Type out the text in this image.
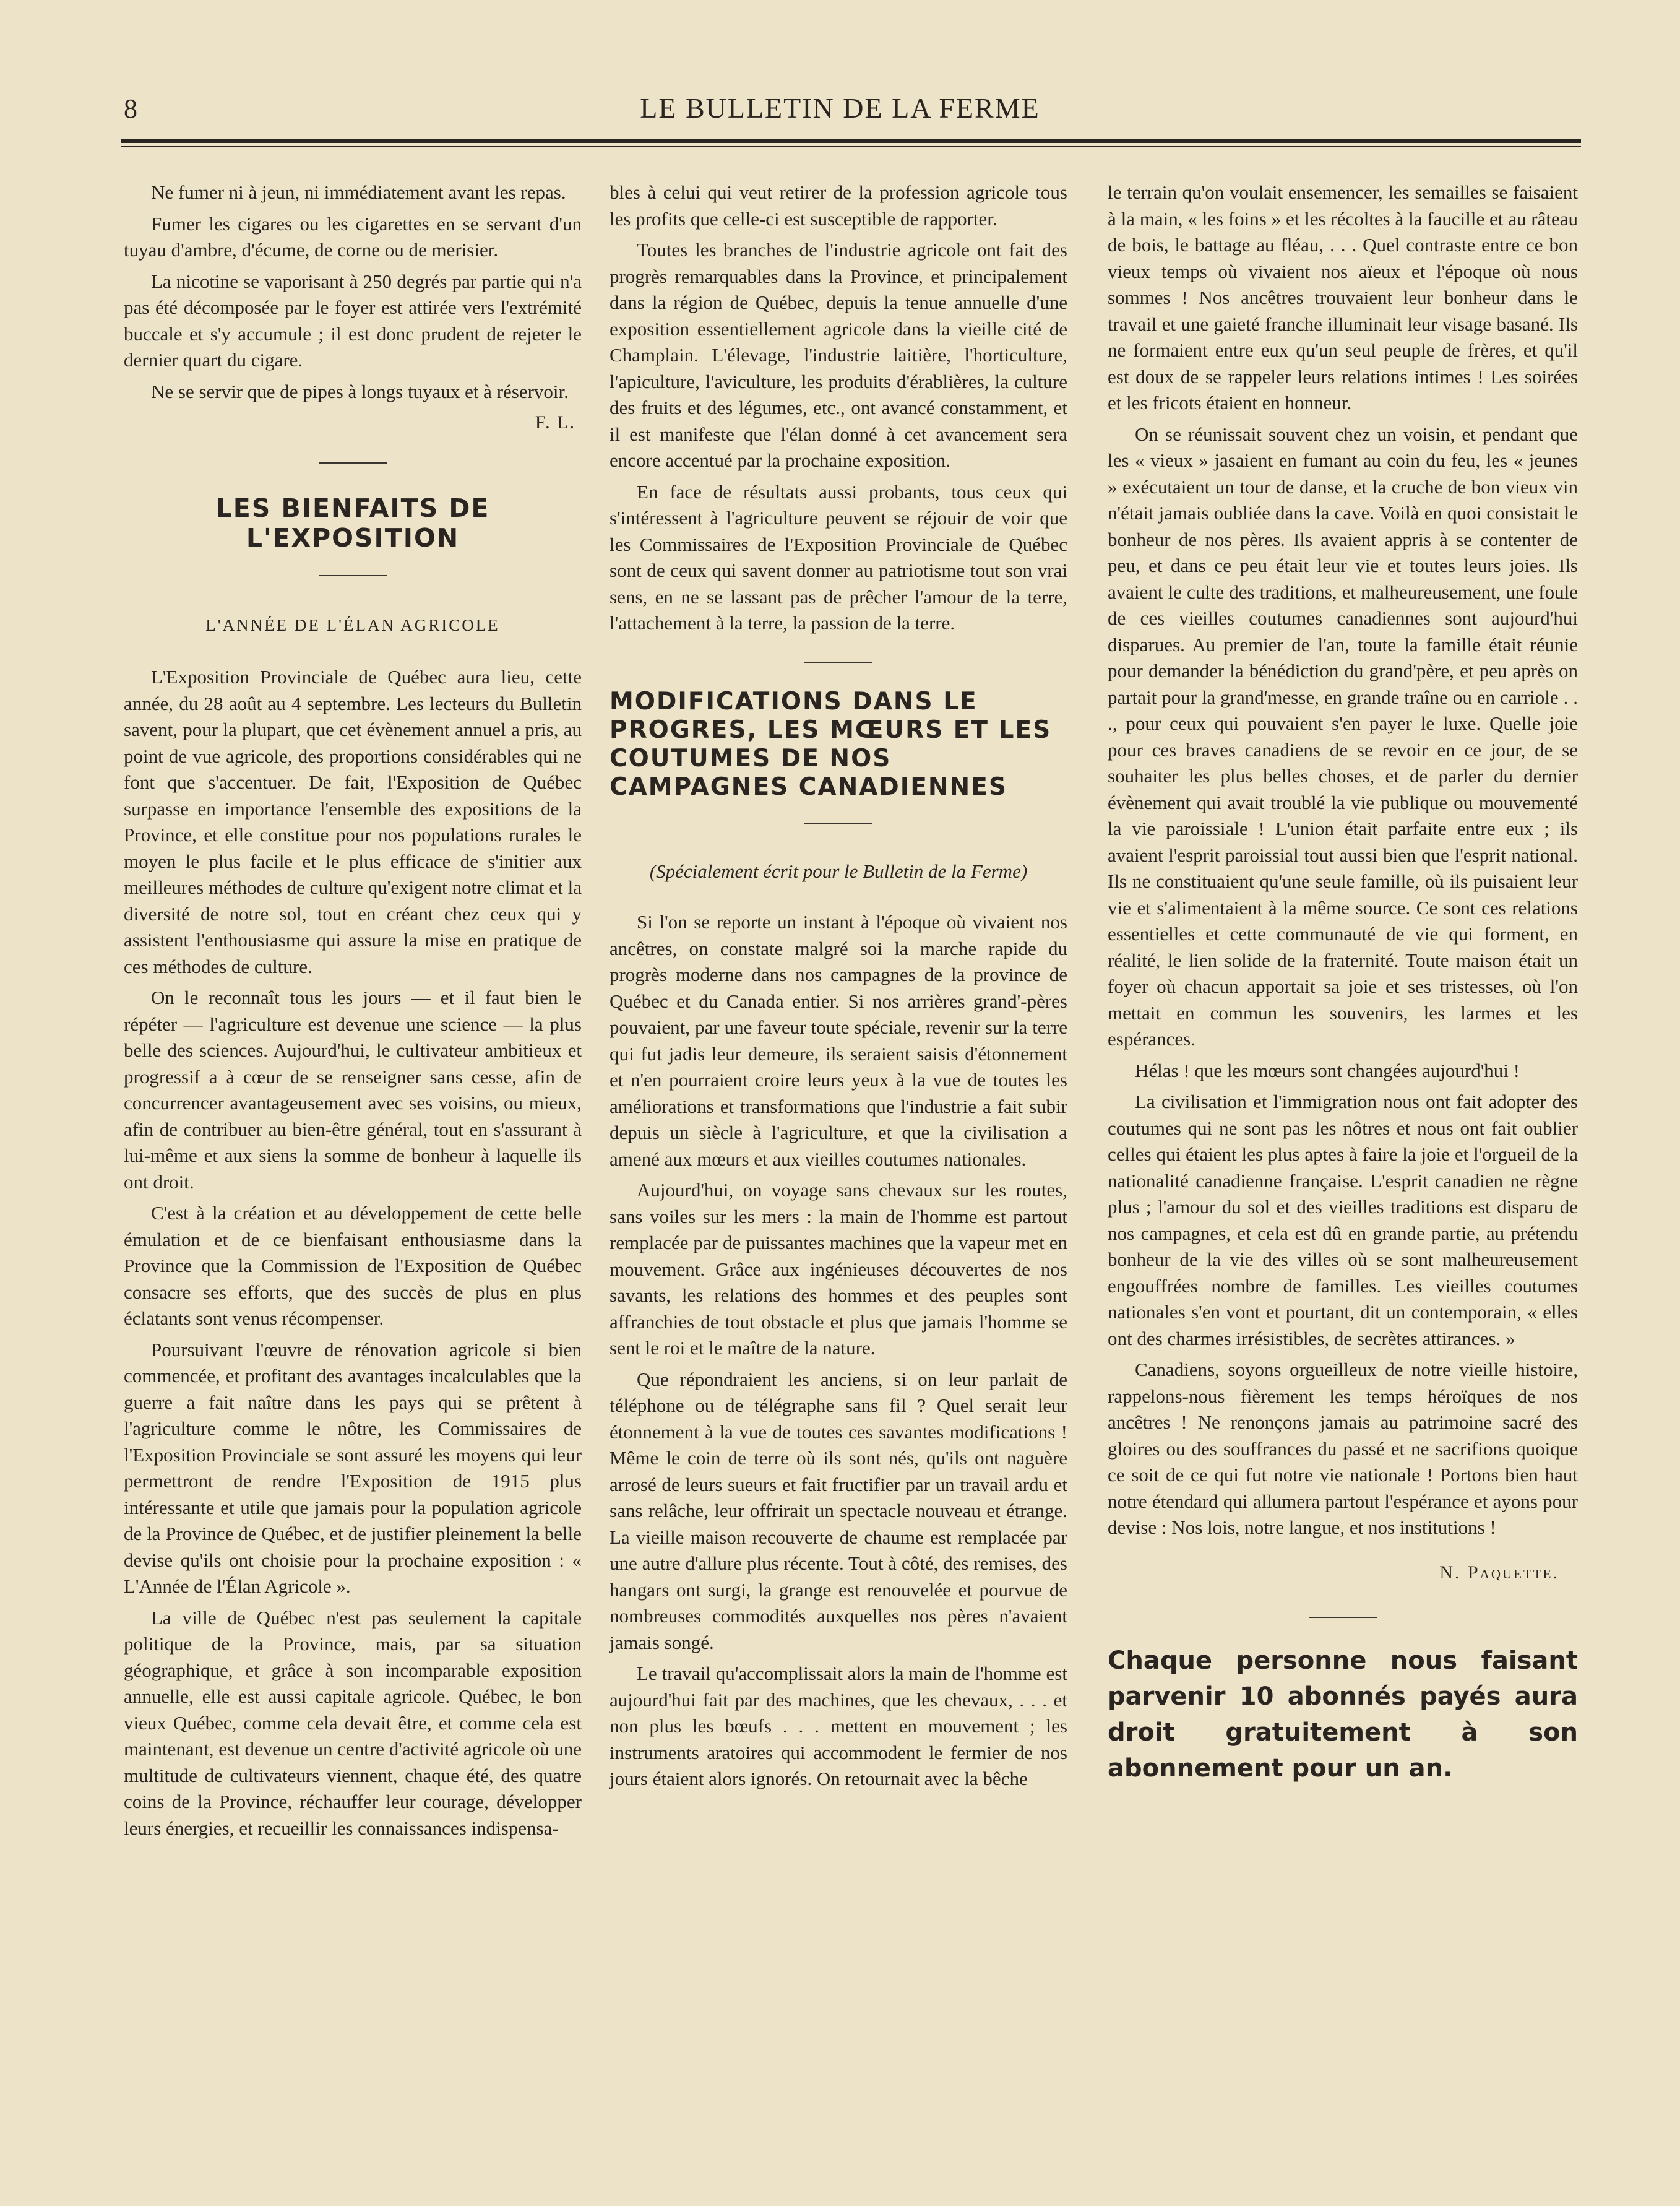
8	LE BULLETIN DE LA FERME

Ne fumer ni à jeun, ni immédiatement avant les repas.

Fumer les cigares ou les cigarettes en se servant d'un tuyau d'ambre, d'écume, de corne ou de merisier.

La nicotine se vaporisant à 250 degrés par partie qui n'a pas été décomposée par le foyer est attirée vers l'extrémité buccale et s'y accumule ; il est donc prudent de rejeter le dernier quart du cigare.

Ne se servir que de pipes à longs tuyaux et à réservoir.

F. L.
LES BIENFAITS DE L'EXPOSITION
L'ANNÉE DE L'ÉLAN AGRICOLE

L'Exposition Provinciale de Québec aura lieu, cette année, du 28 août au 4 septembre. Les lecteurs du Bulletin savent, pour la plupart, que cet évènement annuel a pris, au point de vue agricole, des proportions considérables qui ne font que s'accentuer. De fait, l'Exposition de Québec surpasse en importance l'ensemble des expositions de la Province, et elle constitue pour nos populations rurales le moyen le plus facile et le plus efficace de s'initier aux meilleures méthodes de culture qu'exigent notre climat et la diversité de notre sol, tout en créant chez ceux qui y assistent l'enthousiasme qui assure la mise en pratique de ces méthodes de culture.

On le reconnaît tous les jours — et il faut bien le répéter — l'agriculture est devenue une science — la plus belle des sciences. Aujourd'hui, le cultivateur ambitieux et progressif a à cœur de se renseigner sans cesse, afin de concurrencer avantageusement avec ses voisins, ou mieux, afin de contribuer au bien-être général, tout en s'assurant à lui-même et aux siens la somme de bonheur à laquelle ils ont droit.

C'est à la création et au développement de cette belle émulation et de ce bienfaisant enthousiasme dans la Province que la Commission de l'Exposition de Québec consacre ses efforts, que des succès de plus en plus éclatants sont venus récompenser.

Poursuivant l'œuvre de rénovation agricole si bien commencée, et profitant des avantages incalculables que la guerre a fait naître dans les pays qui se prêtent à l'agriculture comme le nôtre, les Commissaires de l'Exposition Provinciale se sont assuré les moyens qui leur permettront de rendre l'Exposition de 1915 plus intéressante et utile que jamais pour la population agricole de la Province de Québec, et de justifier pleinement la belle devise qu'ils ont choisie pour la prochaine exposition : « L'Année de l'Élan Agricole ».

La ville de Québec n'est pas seulement la capitale politique de la Province, mais, par sa situation géographique, et grâce à son incomparable exposition annuelle, elle est aussi capitale agricole. Québec, le bon vieux Québec, comme cela devait être, et comme cela est maintenant, est devenue un centre d'activité agricole où une multitude de cultivateurs viennent, chaque été, des quatre coins de la Province, réchauffer leur courage, développer leurs énergies, et recueillir les connaissances indispensa-

bles à celui qui veut retirer de la profession agricole tous les profits que celle-ci est susceptible de rapporter.

Toutes les branches de l'industrie agricole ont fait des progrès remarquables dans la Province, et principalement dans la région de Québec, depuis la tenue annuelle d'une exposition essentiellement agricole dans la vieille cité de Champlain. L'élevage, l'industrie laitière, l'horticulture, l'apiculture, l'aviculture, les produits d'érablières, la culture des fruits et des légumes, etc., ont avancé constamment, et il est manifeste que l'élan donné à cet avancement sera encore accentué par la prochaine exposition.

En face de résultats aussi probants, tous ceux qui s'intéressent à l'agriculture peuvent se réjouir de voir que les Commissaires de l'Exposition Provinciale de Québec sont de ceux qui savent donner au patriotisme tout son vrai sens, en ne se lassant pas de prêcher l'amour de la terre, l'attachement à la terre, la passion de la terre.

MODIFICATIONS DANS LE PROGRES, LES MŒURS ET LES COUTUMES DE NOS CAMPAGNES CANADIENNES
(Spécialement écrit pour le Bulletin de la Ferme)

Si l'on se reporte un instant à l'époque où vivaient nos ancêtres, on constate malgré soi la marche rapide du progrès moderne dans nos campagnes de la province de Québec et du Canada entier. Si nos arrières grand'-pères pouvaient, par une faveur toute spéciale, revenir sur la terre qui fut jadis leur demeure, ils seraient saisis d'étonnement et n'en pourraient croire leurs yeux à la vue de toutes les améliorations et transformations que l'industrie a fait subir depuis un siècle à l'agriculture, et que la civilisation a amené aux mœurs et aux vieilles coutumes nationales.

Aujourd'hui, on voyage sans chevaux sur les routes, sans voiles sur les mers : la main de l'homme est partout remplacée par de puissantes machines que la vapeur met en mouvement. Grâce aux ingénieuses découvertes de nos savants, les relations des hommes et des peuples sont affranchies de tout obstacle et plus que jamais l'homme se sent le roi et le maître de la nature.

Que répondraient les anciens, si on leur parlait de téléphone ou de télégraphe sans fil ? Quel serait leur étonnement à la vue de toutes ces savantes modifications ! Même le coin de terre où ils sont nés, qu'ils ont naguère arrosé de leurs sueurs et fait fructifier par un travail ardu et sans relâche, leur offrirait un spectacle nouveau et étrange. La vieille maison recouverte de chaume est remplacée par une autre d'allure plus récente. Tout à côté, des remises, des hangars ont surgi, la grange est renouvelée et pourvue de nombreuses commodités auxquelles nos pères n'avaient jamais songé.

Le travail qu'accomplissait alors la main de l'homme est aujourd'hui fait par des machines, que les chevaux, . . . et non plus les bœufs . . . mettent en mouvement ; les instruments aratoires qui accommodent le fermier de nos jours étaient alors ignorés. On retournait avec la bêche

le terrain qu'on voulait ensemencer, les semailles se faisaient à la main, « les foins » et les récoltes à la faucille et au râteau de bois, le battage au fléau, . . . Quel contraste entre ce bon vieux temps où vivaient nos aïeux et l'époque où nous sommes ! Nos ancêtres trouvaient leur bonheur dans le travail et une gaieté franche illuminait leur visage basané. Ils ne formaient entre eux qu'un seul peuple de frères, et qu'il est doux de se rappeler leurs relations intimes ! Les soirées et les fricots étaient en honneur.

On se réunissait souvent chez un voisin, et pendant que les « vieux » jasaient en fumant au coin du feu, les « jeunes » exécutaient un tour de danse, et la cruche de bon vieux vin n'était jamais oubliée dans la cave. Voilà en quoi consistait le bonheur de nos pères. Ils avaient appris à se contenter de peu, et dans ce peu était leur vie et toutes leurs joies. Ils avaient le culte des traditions, et malheureusement, une foule de ces vieilles coutumes canadiennes sont aujourd'hui disparues. Au premier de l'an, toute la famille était réunie pour demander la bénédiction du grand'père, et peu après on partait pour la grand'messe, en grande traîne ou en carriole . . ., pour ceux qui pouvaient s'en payer le luxe. Quelle joie pour ces braves canadiens de se revoir en ce jour, de se souhaiter les plus belles choses, et de parler du dernier évènement qui avait troublé la vie publique ou mouvementé la vie paroissiale ! L'union était parfaite entre eux ; ils avaient l'esprit paroissial tout aussi bien que l'esprit national. Ils ne constituaient qu'une seule famille, où ils puisaient leur vie et s'alimentaient à la même source. Ce sont ces relations essentielles et cette communauté de vie qui forment, en réalité, le lien solide de la fraternité. Toute maison était un foyer où chacun apportait sa joie et ses tristesses, où l'on mettait en commun les souvenirs, les larmes et les espérances.

Hélas ! que les mœurs sont changées aujourd'hui !

La civilisation et l'immigration nous ont fait adopter des coutumes qui ne sont pas les nôtres et nous ont fait oublier celles qui étaient les plus aptes à faire la joie et l'orgueil de la nationalité canadienne française. L'esprit canadien ne règne plus ; l'amour du sol et des vieilles traditions est disparu de nos campagnes, et cela est dû en grande partie, au prétendu bonheur de la vie des villes où se sont malheureusement engouffrées nombre de familles. Les vieilles coutumes nationales s'en vont et pourtant, dit un contemporain, « elles ont des charmes irrésistibles, de secrètes attirances. »

Canadiens, soyons orgueilleux de notre vieille histoire, rappelons-nous fièrement les temps héroïques de nos ancêtres ! Ne renonçons jamais au patrimoine sacré des gloires ou des souffrances du passé et ne sacrifions quoique ce soit de ce qui fut notre vie nationale ! Portons bien haut notre étendard qui allumera partout l'espérance et ayons pour devise : Nos lois, notre langue, et nos institutions !

N. Paquette.
Chaque personne nous faisant parvenir 10 abonnés payés aura droit gratuitement à son abonnement pour un an.
